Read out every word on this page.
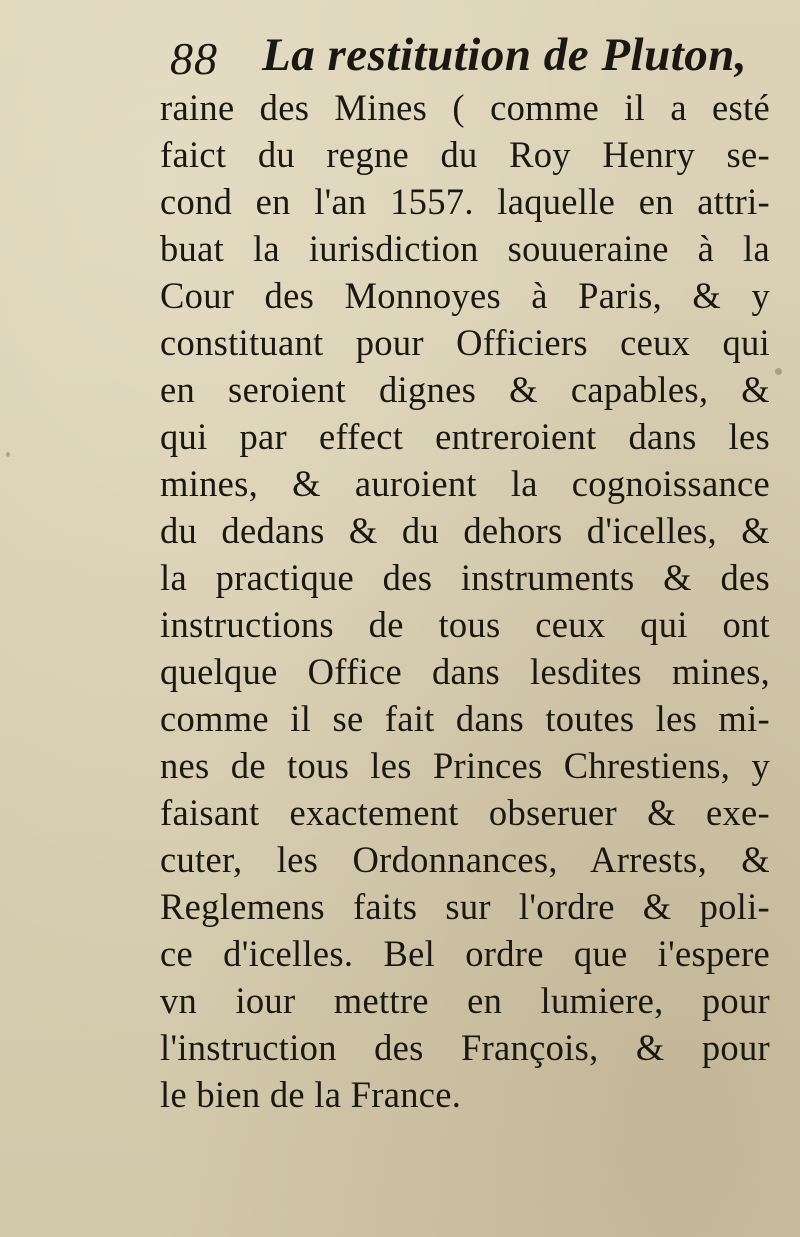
88 La restitution de Pluton,
raine des Mines ( comme il a esté
faict du regne du Roy Henry se-
cond en l'an 1557. laquelle en attri-
buat la iurisdiction souueraine à la
Cour des Monnoyes à Paris, & y
constituant pour Officiers ceux qui
en seroient dignes & capables, &
qui par effect entreroient dans les
mines, & auroient la cognoissance
du dedans & du dehors d'icelles, &
la practique des instruments & des
instructions de tous ceux qui ont
quelque Office dans lesdites mines,
comme il se fait dans toutes les mi-
nes de tous les Princes Chrestiens, y
faisant exactement obseruer & exe-
cuter, les Ordonnances, Arrests, &
Reglemens faits sur l'ordre & poli-
ce d'icelles. Bel ordre que i'espere
vn iour mettre en lumiere, pour
l'instruction des François, & pour
le bien de la France.
